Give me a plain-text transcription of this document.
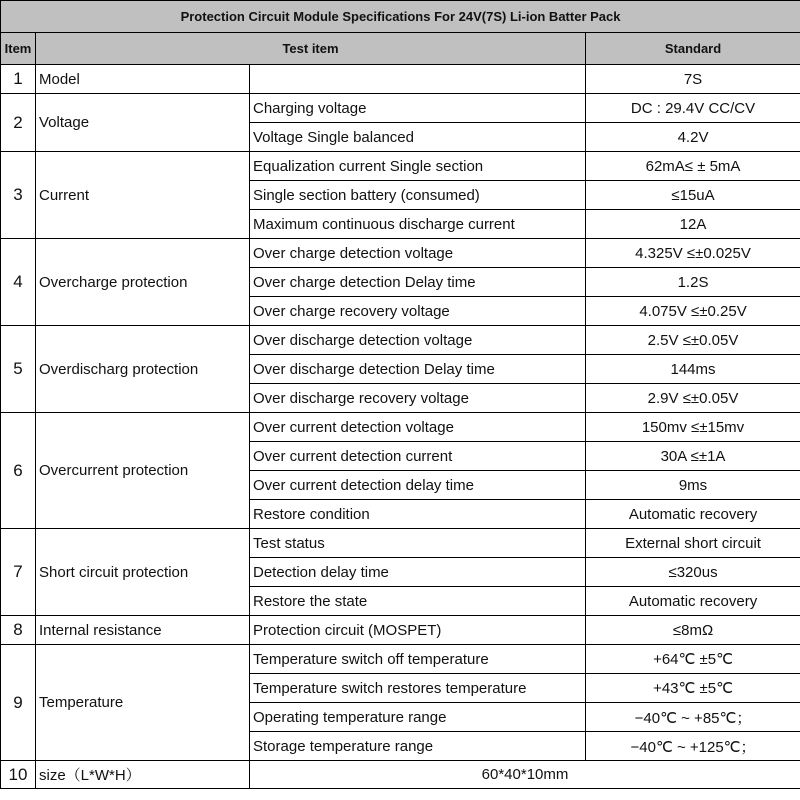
Protection Circuit Module Specifications For 24V(7S) Li-ion Batter Pack			
Item	Test item		Standard
1	Model		7S
2	Voltage	Charging voltage	DC : 29.4V CC/CV
		Voltage Single balanced	4.2V
3	Current	Equalization current Single section	62mA≤ ± 5mA
		Single section battery (consumed)	≤15uA
		Maximum continuous discharge current	12A
4	Overcharge protection	Over charge detection voltage	4.325V ≤±0.025V
		Over charge detection Delay time	1.2S
		Over charge recovery voltage	4.075V ≤±0.25V
5	Overdischarg protection	Over discharge detection voltage	2.5V ≤±0.05V
		Over discharge detection Delay time	144ms
		Over discharge recovery voltage	2.9V ≤±0.05V
6	Overcurrent protection	Over current detection voltage	150mv ≤±15mv
		Over current detection current	30A ≤±1A
		Over current detection delay time	9ms
		Restore condition	Automatic recovery
7	Short circuit protection	Test status	External short circuit
		Detection delay time	≤320us
		Restore the state	Automatic recovery
8	Internal resistance	Protection circuit (MOSPET)	≤8mΩ
9	Temperature	Temperature switch off temperature	+64℃ ±5℃
		Temperature switch restores temperature	+43℃ ±5℃
		Operating temperature range	−40℃ ~ +85℃；
		Storage temperature range	−40℃ ~ +125℃；
10	size（L*W*H）	60*40*10mm	
